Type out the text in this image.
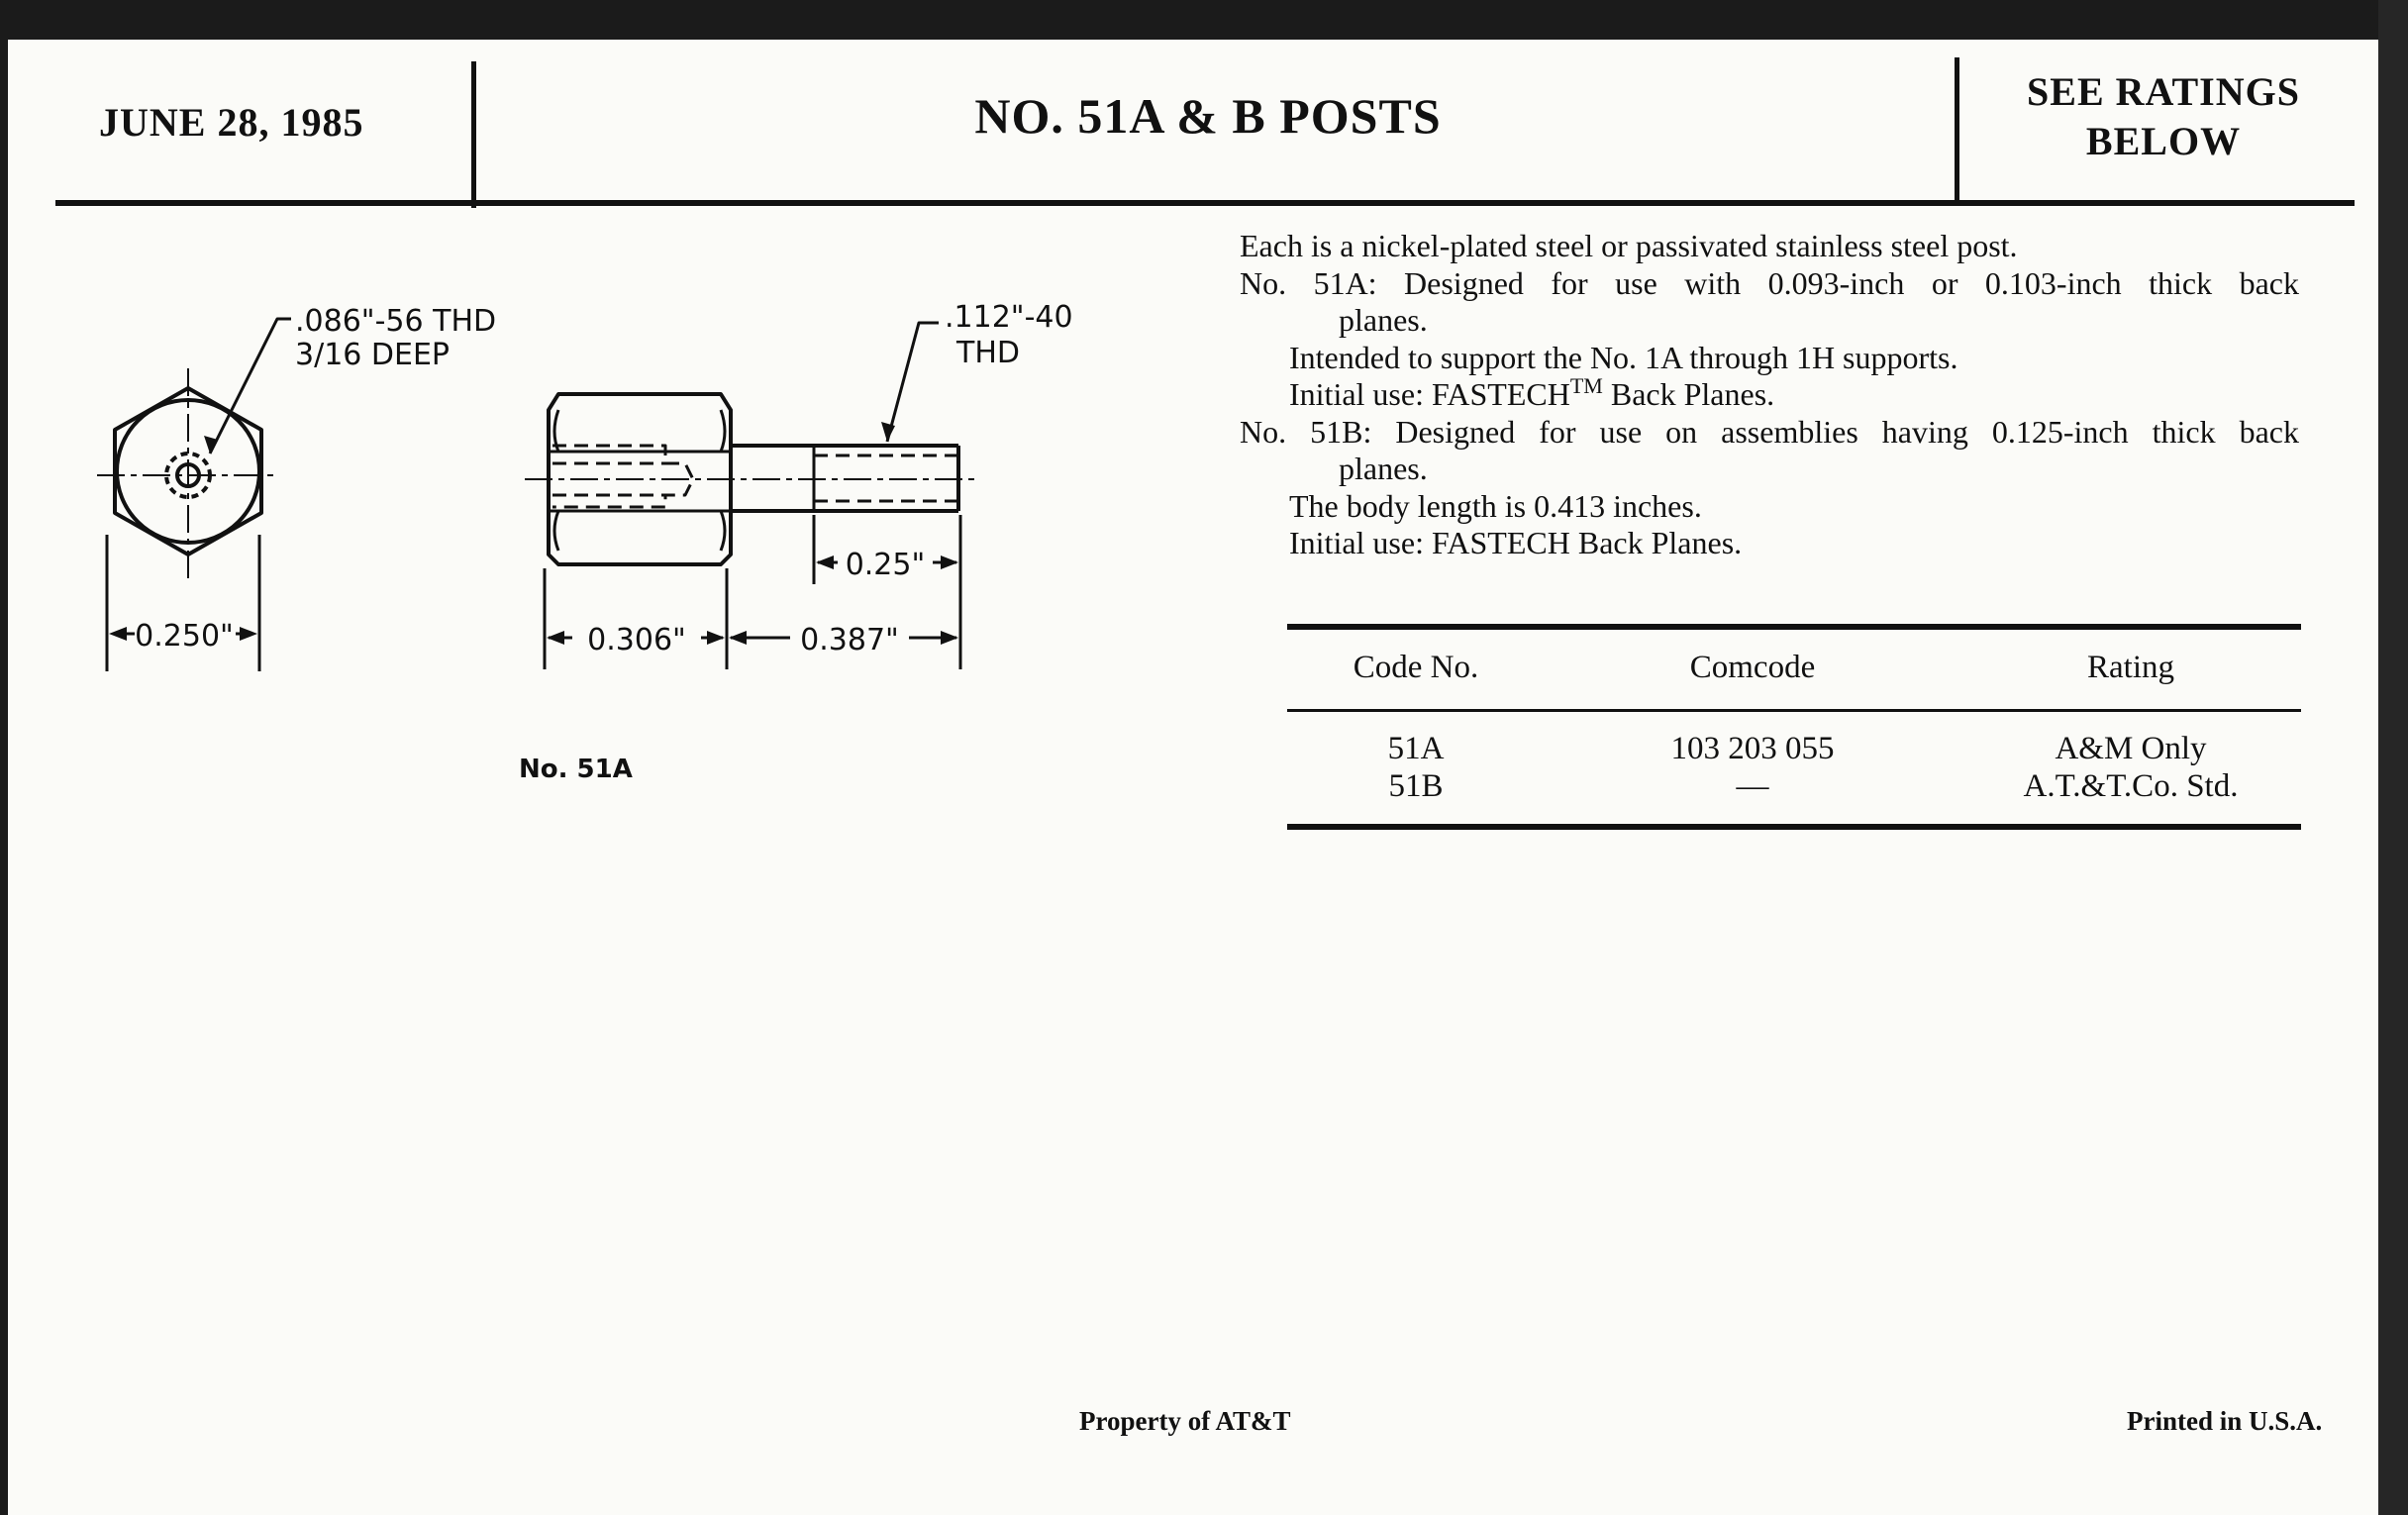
JUNE 28, 1985	NO. 51A & B POSTS	SEE RATINGS
BELOW

Each is a nickel-plated steel or passivated stainless steel post.

No. 51A: Designed for use with 0.093-inch or 0.103-inch thick back

planes.

Intended to support the No. 1A through 1H supports.

Initial use: FASTECH™ Back Planes.

No. 51B: Designed for use on assemblies having 0.125-inch thick back

planes.

The body length is 0.413 inches.

Initial use: FASTECH Back Planes.

Code No.	Comcode	Rating
51A	103 203 055	A&M Only
51B	—	A.T.&T.Co. Std.
.086"-56 THD
3/16 DEEP
.112"-40
THD
0.250"	0.306"	0.387"
0.25"
No. 51A
Property of AT&T	Printed in U.S.A.
